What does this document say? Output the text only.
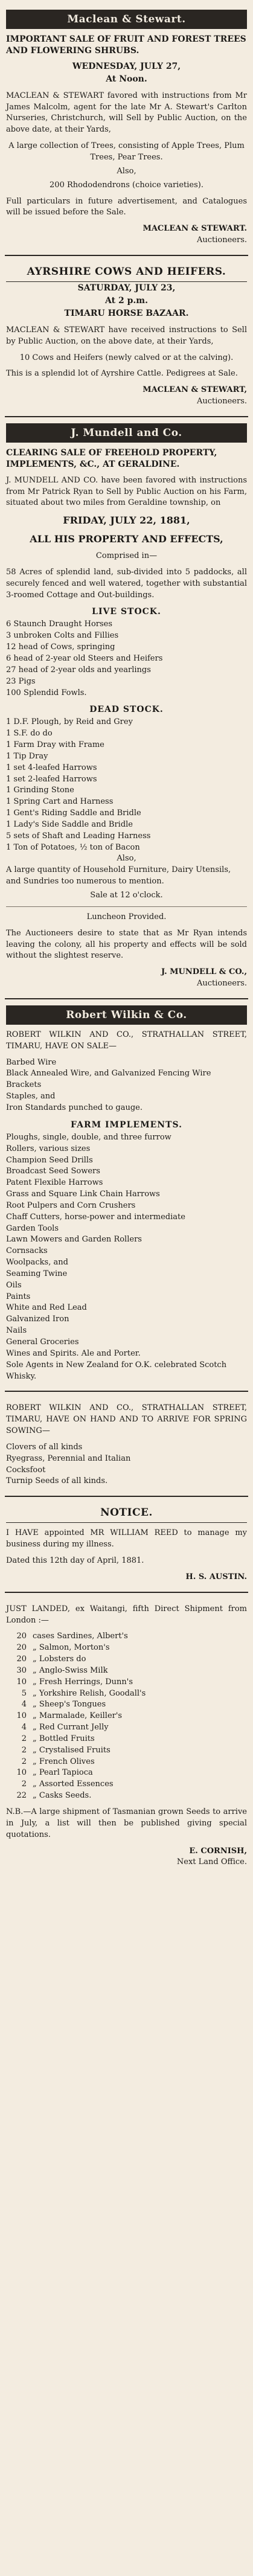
Maclean & Stewart.
IMPORTANT SALE OF FRUIT AND FOREST TREES AND FLOWERING SHRUBS.
WEDNESDAY, JULY 27,
At Noon.
MACLEAN & STEWART favored with instructions from Mr James Malcolm, agent for the late Mr A. Stewart's Carlton Nurseries, Christchurch, will Sell by Public Auction, on the above date, at their Yards,
A large collection of Trees, consisting of Apple Trees, Plum Trees, Pear Trees.
Also,
200 Rhododendrons (choice varieties).
Full particulars in future advertisement, and Catalogues will be issued before the Sale.
MACLEAN & STEWART.
Auctioneers.
AYRSHIRE COWS AND HEIFERS.
SATURDAY, JULY 23,
At 2 p.m.
TIMARU HORSE BAZAAR.
MACLEAN & STEWART have received instructions to Sell by Public Auction, on the above date, at their Yards,
10 Cows and Heifers (newly calved or at the calving).
This is a splendid lot of Ayrshire Cattle. Pedigrees at Sale.
MACLEAN & STEWART,
Auctioneers.
J. Mundell and Co.
CLEARING SALE OF FREEHOLD PROPERTY, IMPLEMENTS, &C., AT GERALDINE.
J. MUNDELL AND CO. have been favored with instructions from Mr Patrick Ryan to Sell by Public Auction on his Farm, situated about two miles from Geraldine township, on
FRIDAY, JULY 22, 1881,
ALL HIS PROPERTY AND EFFECTS,
Comprised in—
58 Acres of splendid land, sub-divided into 5 paddocks, all securely fenced and well watered, together with substantial 3-roomed Cottage and Out-buildings.
LIVE STOCK.
6 Staunch Draught Horses
3 unbroken Colts and Fillies
12 head of Cows, springing
6 head of 2-year old Steers and Heifers
27 head of 2-year olds and yearlings
23 Pigs
100 Splendid Fowls.
DEAD STOCK.
1 D.F. Plough, by Reid and Grey
1 S.F. do do
1 Farm Dray with Frame
1 Tip Dray
1 set 4-leafed Harrows
1 set 2-leafed Harrows
1 Grinding Stone
1 Spring Cart and Harness
1 Gent's Riding Saddle and Bridle
1 Lady's Side Saddle and Bridle
5 sets of Shaft and Leading Harness
1 Ton of Potatoes, ½ ton of Bacon
Also,
A large quantity of Household Furniture, Dairy Utensils, and Sundries too numerous to mention.
Sale at 12 o'clock.
Luncheon Provided.
The Auctioneers desire to state that as Mr Ryan intends leaving the colony, all his property and effects will be sold without the slightest reserve.
J. MUNDELL & CO.,
Auctioneers.
Robert Wilkin & Co.
ROBERT WILKIN AND CO., STRATHALLAN STREET, TIMARU, HAVE ON SALE—
Barbed Wire
Black Annealed Wire, and Galvanized Fencing Wire
Brackets
Staples, and
Iron Standards punched to gauge.
FARM IMPLEMENTS.
Ploughs, single, double, and three furrow
Rollers, various sizes
Champion Seed Drills
Broadcast Seed Sowers
Patent Flexible Harrows
Grass and Square Link Chain Harrows
Root Pulpers and Corn Crushers
Chaff Cutters, horse-power and intermediate
Garden Tools
Lawn Mowers and Garden Rollers
Cornsacks
Woolpacks, and
Seaming Twine
Oils
Paints
White and Red Lead
Galvanized Iron
Nails
General Groceries
Wines and Spirits. Ale and Porter.
Sole Agents in New Zealand for O.K. celebrated Scotch Whisky.
ROBERT WILKIN AND CO., STRATHALLAN STREET, TIMARU, HAVE ON HAND AND TO ARRIVE FOR SPRING SOWING—
Clovers of all kinds
Ryegrass, Perennial and Italian
Cocksfoot
Turnip Seeds of all kinds.
NOTICE.
I HAVE appointed MR WILLIAM REED to manage my business during my illness.
Dated this 12th day of April, 1881.
H. S. AUSTIN.
JUST LANDED, ex Waitangi, fifth Direct Shipment from London :—
20 cases Sardines, Albert's
20 „ Salmon, Morton's
20 „ Lobsters do
30 „ Anglo-Swiss Milk
10 „ Fresh Herrings, Dunn's
5 „ Yorkshire Relish, Goodall's
4 „ Sheep's Tongues
10 „ Marmalade, Keiller's
4 „ Red Currant Jelly
2 „ Bottled Fruits
2 „ Crystalised Fruits
2 „ French Olives
10 „ Pearl Tapioca
2 „ Assorted Essences
22 „ Casks Seeds.
N.B.—A large shipment of Tasmanian grown Seeds to arrive in July, a list will then be published giving special quotations.
E. CORNISH,
Next Land Office.
